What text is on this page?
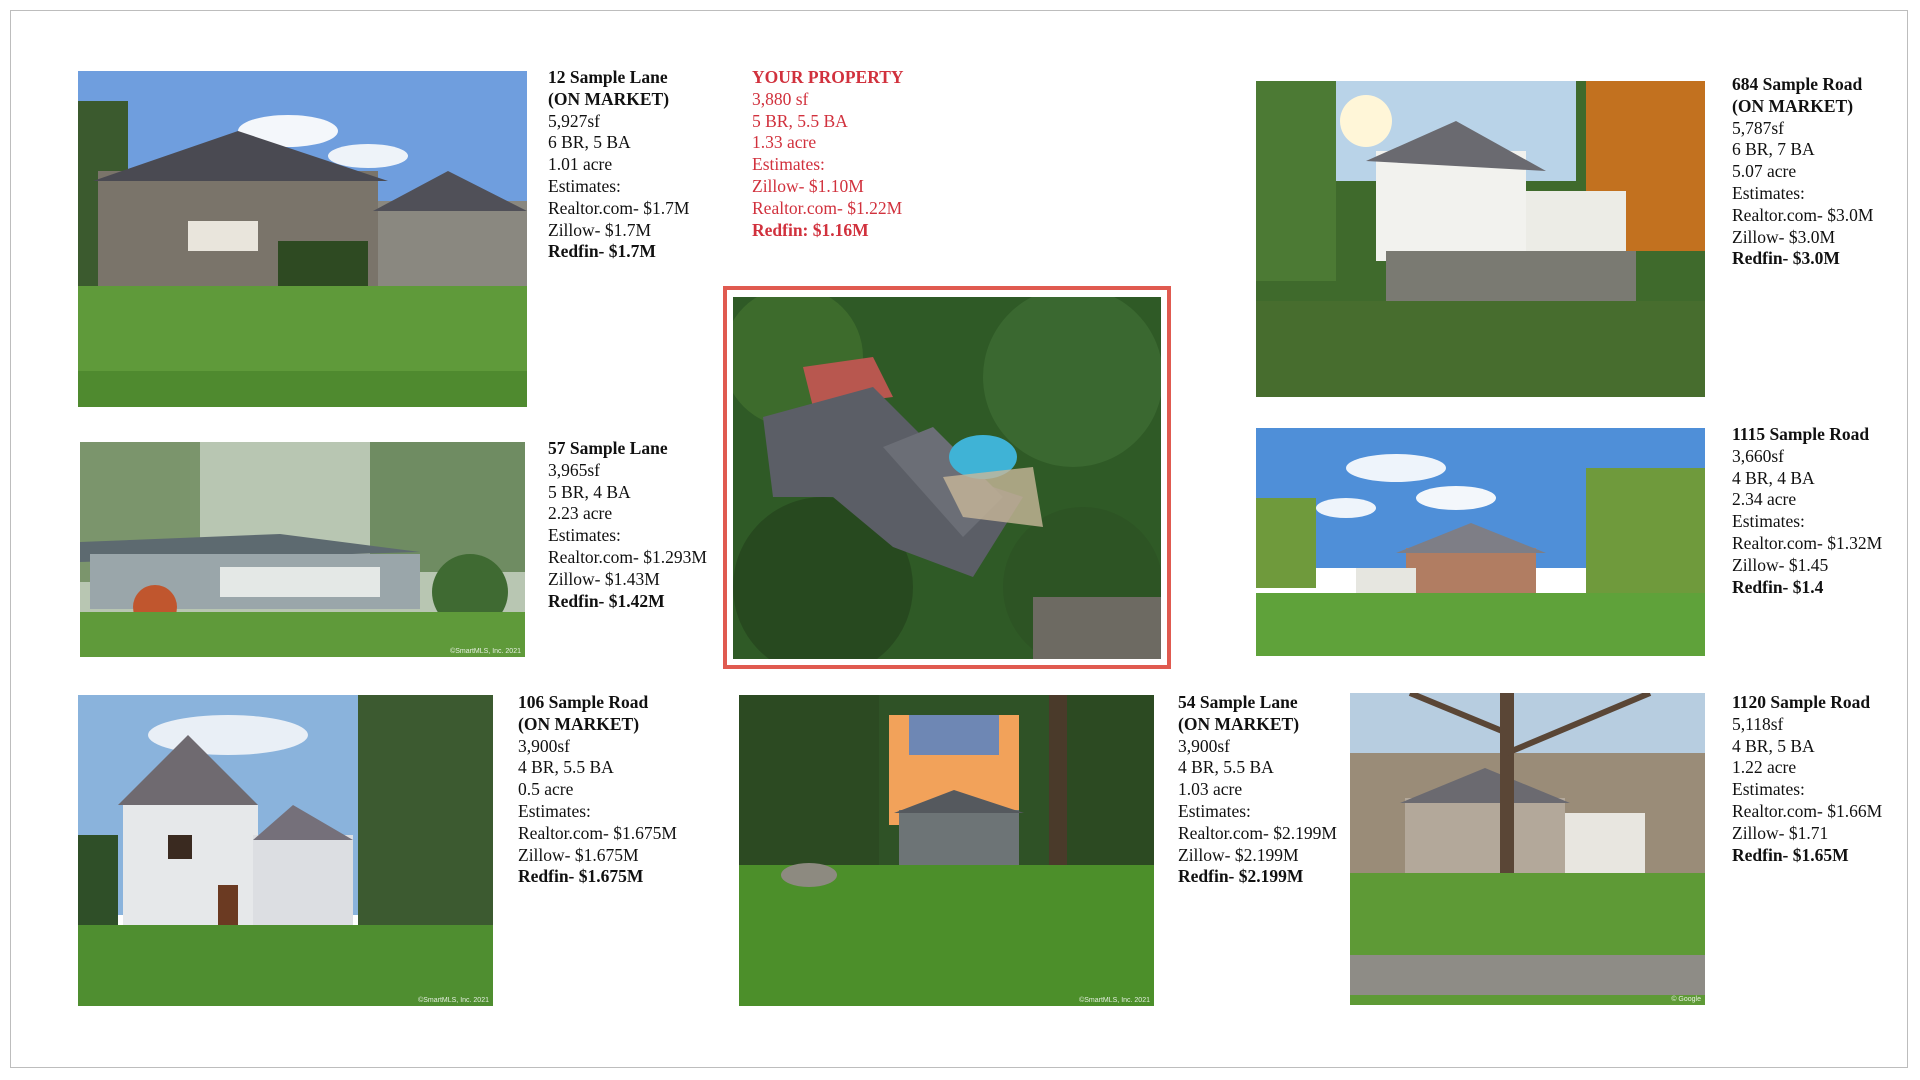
12 Sample Lane
(ON MARKET)
5,927sf
6 BR, 5 BA
1.01 acre
Estimates:
Realtor.com- $1.7M
Zillow- $1.7M
Redfin- $1.7M
YOUR PROPERTY
3,880 sf
5 BR, 5.5 BA
1.33 acre
Estimates:
Zillow- $1.10M
Realtor.com- $1.22M
Redfin: $1.16M
684 Sample Road
(ON MARKET)
5,787sf
6 BR, 7 BA
5.07 acre
Estimates:
Realtor.com- $3.0M
Zillow- $3.0M
Redfin- $3.0M
©SmartMLS, Inc. 2021
57 Sample Lane
3,965sf
5 BR, 4 BA
2.23 acre
Estimates:
Realtor.com- $1.293M
Zillow- $1.43M
Redfin- $1.42M
1115 Sample Road
3,660sf
4 BR, 4 BA
2.34 acre
Estimates:
Realtor.com- $1.32M
Zillow- $1.45
Redfin- $1.4
©SmartMLS, Inc. 2021
106 Sample Road
(ON MARKET)
3,900sf
4 BR, 5.5 BA
0.5 acre
Estimates:
Realtor.com- $1.675M
Zillow- $1.675M
Redfin- $1.675M
©SmartMLS, Inc. 2021
54 Sample Lane
(ON MARKET)
3,900sf
4 BR, 5.5 BA
1.03 acre
Estimates:
Realtor.com- $2.199M
Zillow- $2.199M
Redfin- $2.199M
© Google
1120 Sample Road
5,118sf
4 BR, 5 BA
1.22 acre
Estimates:
Realtor.com- $1.66M
Zillow- $1.71
Redfin- $1.65M
